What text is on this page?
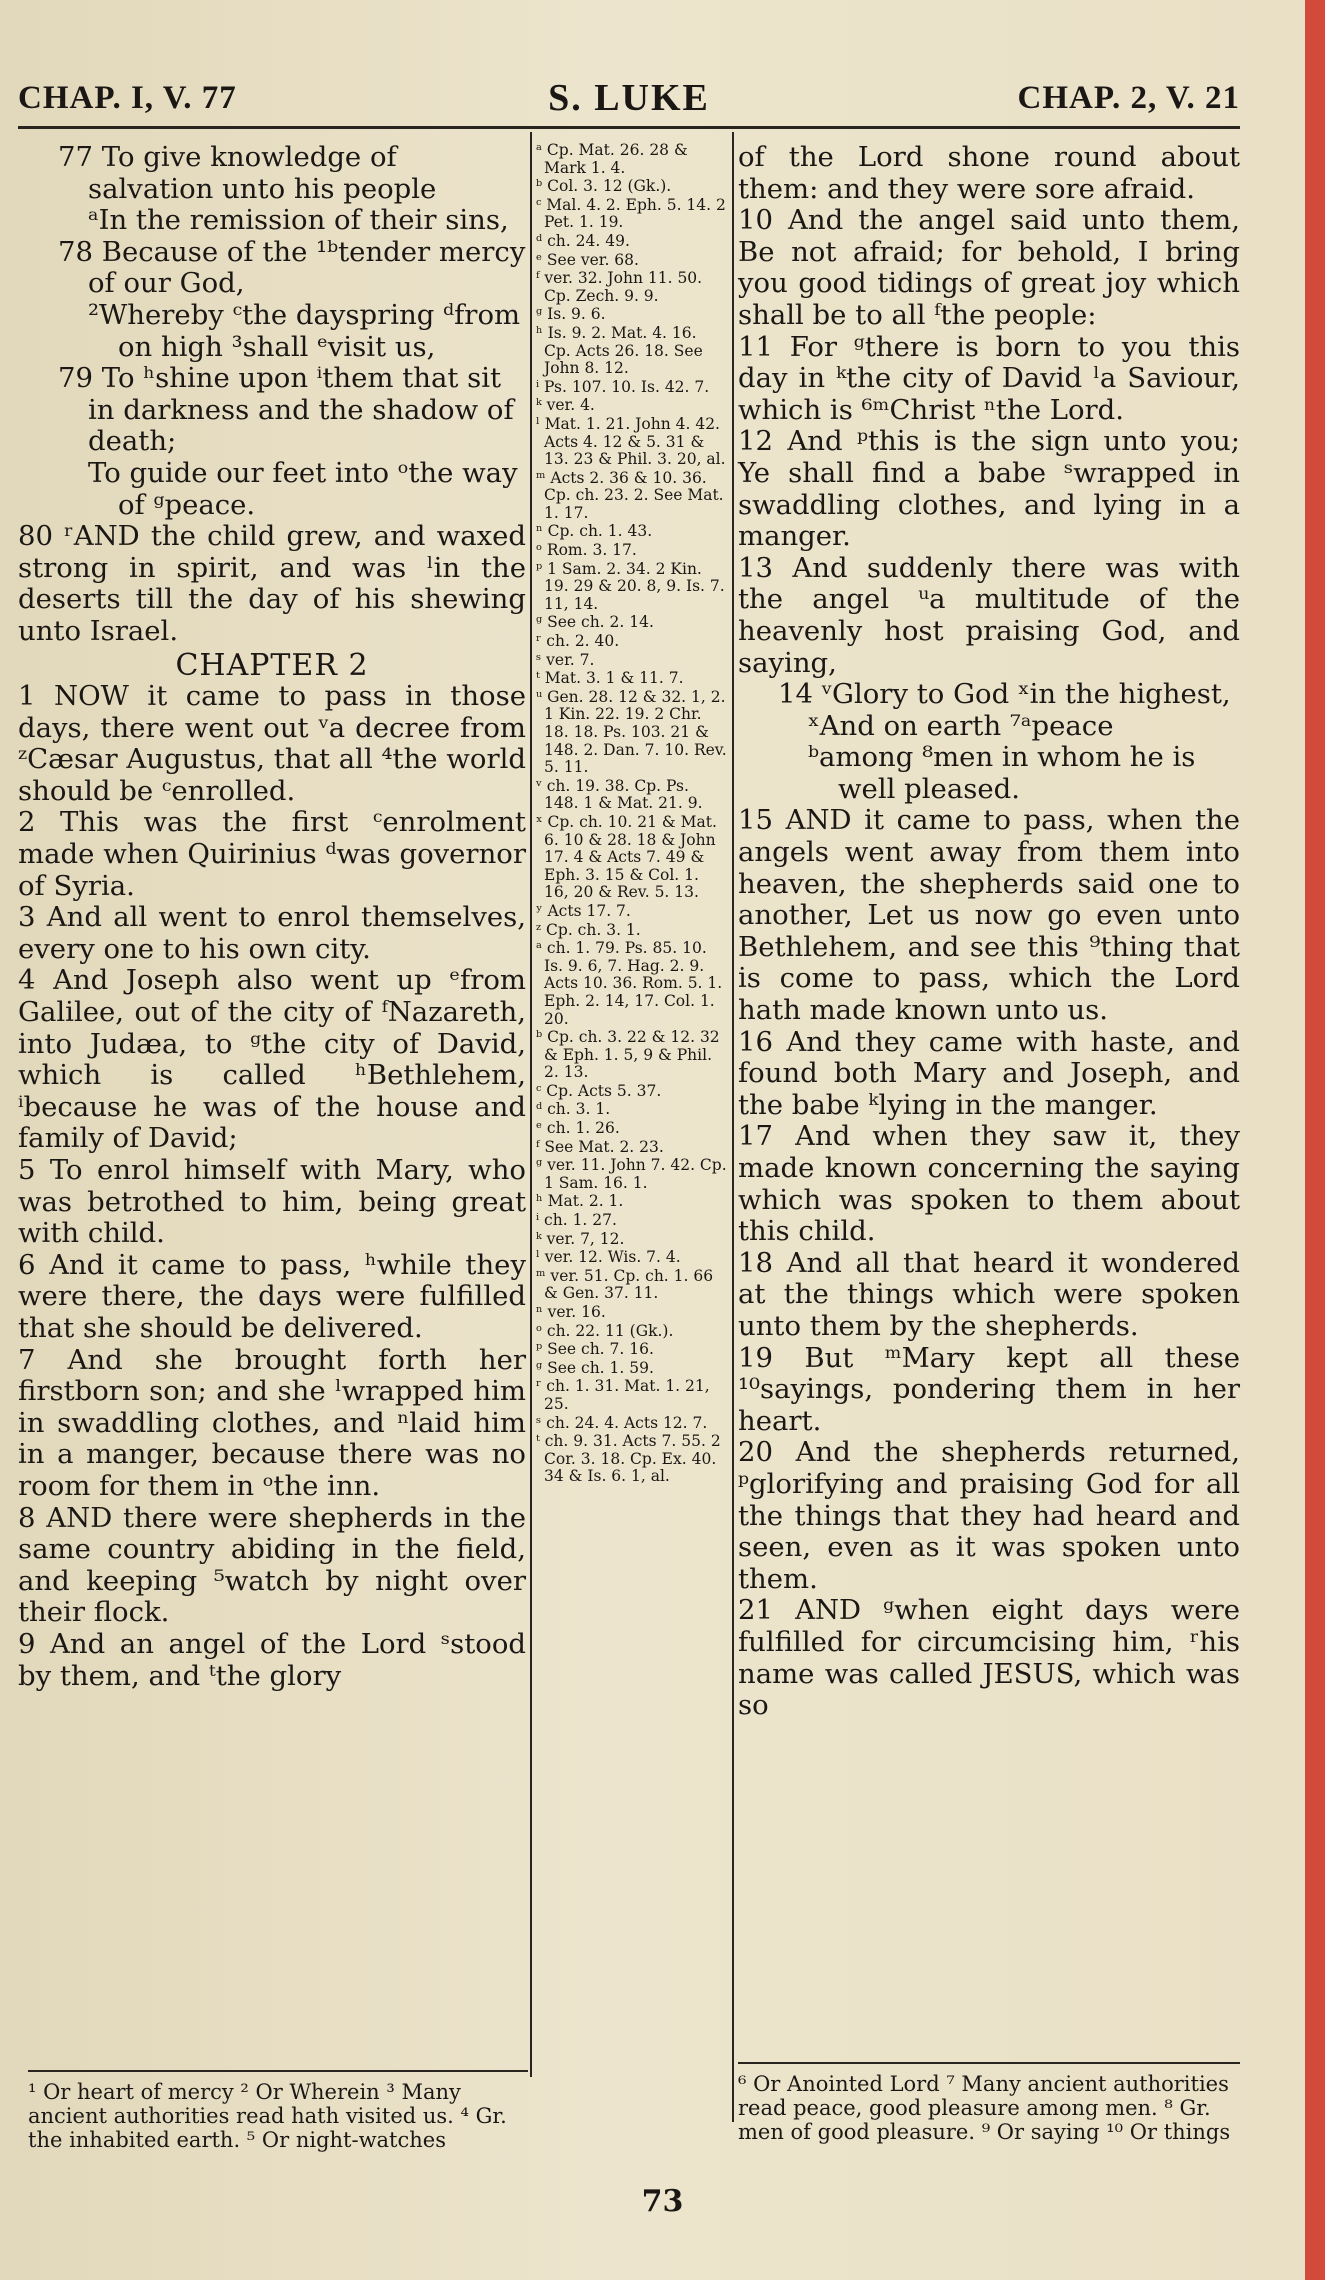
CHAP. I, V. 77	S. LUKE	CHAP. 2, V. 21

77 To give knowledge of salvation unto his people

ᵃIn the remission of their sins,

78 Because of the ¹ᵇtender mercy of our God,

²Whereby ᶜthe dayspring ᵈfrom on high ³shall ᵉvisit us,

79 To ʰshine upon ⁱthem that sit in darkness and the shadow of death;

To guide our feet into ᵒthe way of ᵍpeace.

80 ʳAND the child grew, and waxed strong in spirit, and was ˡin the deserts till the day of his shewing unto Israel.

CHAPTER 2

1 NOW it came to pass in those days, there went out ᵛa decree from ᶻCæsar Augustus, that all ⁴the world should be ᶜenrolled.

2 This was the first ᶜenrolment made when Quirinius ᵈwas governor of Syria.

3 And all went to enrol themselves, every one to his own city.

4 And Joseph also went up ᵉfrom Galilee, out of the city of ᶠNazareth, into Judæa, to ᵍthe city of David, which is called ʰBethlehem, ⁱbecause he was of the house and family of David;

5 To enrol himself with Mary, who was betrothed to him, being great with child.

6 And it came to pass, ʰwhile they were there, the days were fulfilled that she should be delivered.

7 And she brought forth her firstborn son; and she ˡwrapped him in swaddling clothes, and ⁿlaid him in a manger, because there was no room for them in ᵒthe inn.

8 AND there were shepherds in the same country abiding in the field, and keeping ⁵watch by night over their flock.

9 And an angel of the Lord ˢstood by them, and ᵗthe glory

ᵃ Cp. Mat. 26. 28 & Mark 1. 4.

ᵇ Col. 3. 12 (Gk.).

ᶜ Mal. 4. 2. Eph. 5. 14. 2 Pet. 1. 19.

ᵈ ch. 24. 49.

ᵉ See ver. 68.

ᶠ ver. 32. John 11. 50. Cp. Zech. 9. 9.

ᵍ Is. 9. 6.

ʰ Is. 9. 2. Mat. 4. 16. Cp. Acts 26. 18. See John 8. 12.

ⁱ Ps. 107. 10. Is. 42. 7.

ᵏ ver. 4.

ˡ Mat. 1. 21. John 4. 42. Acts 4. 12 & 5. 31 & 13. 23 & Phil. 3. 20, al.

ᵐ Acts 2. 36 & 10. 36. Cp. ch. 23. 2. See Mat. 1. 17.

ⁿ Cp. ch. 1. 43.

ᵒ Rom. 3. 17.

ᵖ 1 Sam. 2. 34. 2 Kin. 19. 29 & 20. 8, 9. Is. 7. 11, 14.

ᵍ See ch. 2. 14.

ʳ ch. 2. 40.

ˢ ver. 7.

ᵗ Mat. 3. 1 & 11. 7.

ᵘ Gen. 28. 12 & 32. 1, 2. 1 Kin. 22. 19. 2 Chr. 18. 18. Ps. 103. 21 & 148. 2. Dan. 7. 10. Rev. 5. 11.

ᵛ ch. 19. 38. Cp. Ps. 148. 1 & Mat. 21. 9.

ˣ Cp. ch. 10. 21 & Mat. 6. 10 & 28. 18 & John 17. 4 & Acts 7. 49 & Eph. 3. 15 & Col. 1. 16, 20 & Rev. 5. 13.

ʸ Acts 17. 7.

ᶻ Cp. ch. 3. 1.

ᵃ ch. 1. 79. Ps. 85. 10. Is. 9. 6, 7. Hag. 2. 9. Acts 10. 36. Rom. 5. 1. Eph. 2. 14, 17. Col. 1. 20.

ᵇ Cp. ch. 3. 22 & 12. 32 & Eph. 1. 5, 9 & Phil. 2. 13.

ᶜ Cp. Acts 5. 37.

ᵈ ch. 3. 1.

ᵉ ch. 1. 26.

ᶠ See Mat. 2. 23.

ᵍ ver. 11. John 7. 42. Cp. 1 Sam. 16. 1.

ʰ Mat. 2. 1.

ⁱ ch. 1. 27.

ᵏ ver. 7, 12.

ˡ ver. 12. Wis. 7. 4.

ᵐ ver. 51. Cp. ch. 1. 66 & Gen. 37. 11.

ⁿ ver. 16.

ᵒ ch. 22. 11 (Gk.).

ᵖ See ch. 7. 16.

ᵍ See ch. 1. 59.

ʳ ch. 1. 31. Mat. 1. 21, 25.

ˢ ch. 24. 4. Acts 12. 7.

ᵗ ch. 9. 31. Acts 7. 55. 2 Cor. 3. 18. Cp. Ex. 40. 34 & Is. 6. 1, al.

of the Lord shone round about them: and they were sore afraid.

10 And the angel said unto them, Be not afraid; for behold, I bring you good tidings of great joy which shall be to all ᶠthe people:

11 For ᵍthere is born to you this day in ᵏthe city of David ˡa Saviour, which is ⁶ᵐChrist ⁿthe Lord.

12 And ᵖthis is the sign unto you; Ye shall find a babe ˢwrapped in swaddling clothes, and lying in a manger.

13 And suddenly there was with the angel ᵘa multitude of the heavenly host praising God, and saying,

14 ᵛGlory to God ˣin the highest,

ˣAnd on earth ⁷ᵃpeace

ᵇamong ⁸men in whom he is well pleased.

15 AND it came to pass, when the angels went away from them into heaven, the shepherds said one to another, Let us now go even unto Bethlehem, and see this ⁹thing that is come to pass, which the Lord hath made known unto us.

16 And they came with haste, and found both Mary and Joseph, and the babe ᵏlying in the manger.

17 And when they saw it, they made known concerning the saying which was spoken to them about this child.

18 And all that heard it wondered at the things which were spoken unto them by the shepherds.

19 But ᵐMary kept all these ¹⁰sayings, pondering them in her heart.

20 And the shepherds returned, ᵖglorifying and praising God for all the things that they had heard and seen, even as it was spoken unto them.

21 AND ᵍwhen eight days were fulfilled for circumcising him, ʳhis name was called JESUS, which was so

¹ Or heart of mercy ² Or Wherein ³ Many ancient authorities read hath visited us. ⁴ Gr. the inhabited earth. ⁵ Or night-watches
⁶ Or Anointed Lord ⁷ Many ancient authorities read peace, good pleasure among men. ⁸ Gr. men of good pleasure. ⁹ Or saying ¹⁰ Or things
73
